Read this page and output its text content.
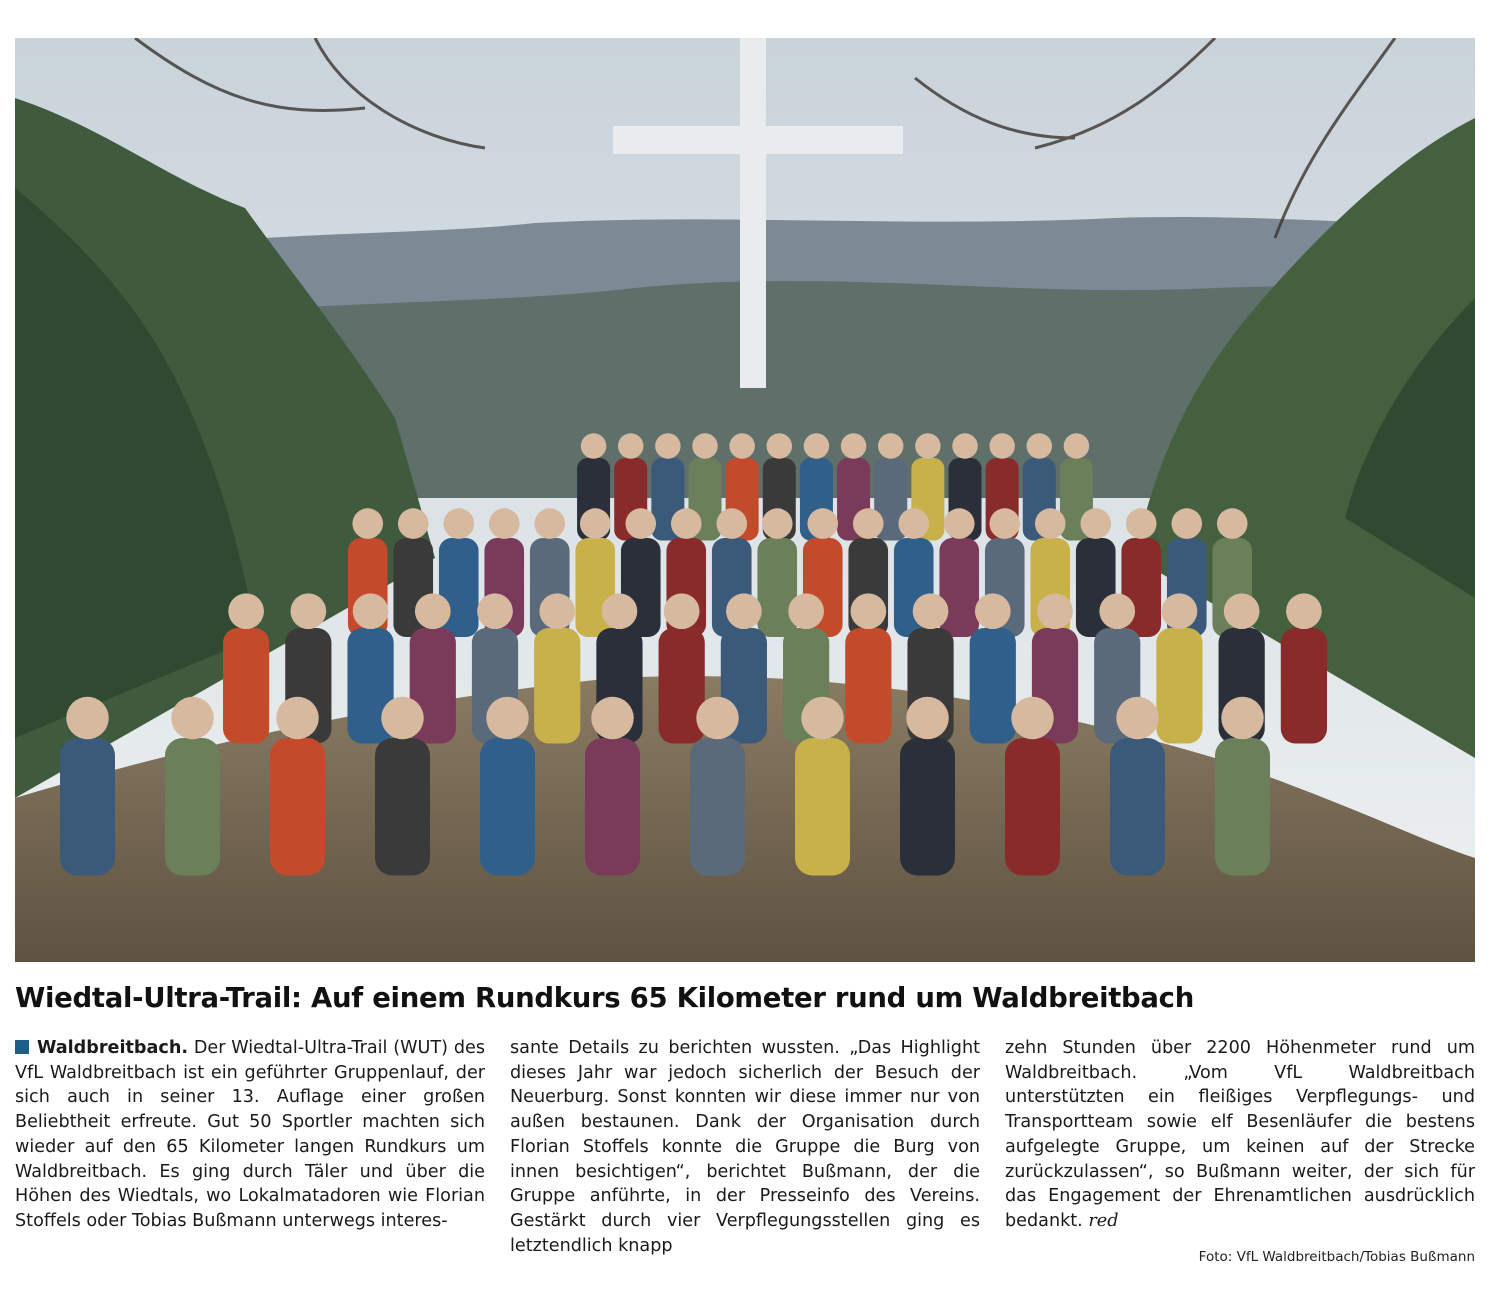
Wiedtal-Ultra-Trail: Auf einem Rundkurs 65 Kilometer rund um Waldbreitbach

Waldbreitbach. Der Wiedtal-Ultra-Trail (WUT) des VfL Waldbreitbach ist ein geführter Gruppenlauf, der sich auch in seiner 13. Auflage einer großen Beliebtheit erfreute. Gut 50 Sportler machten sich wieder auf den 65 Kilometer langen Rundkurs um Waldbreitbach. Es ging durch Täler und über die Höhen des Wiedtals, wo Lokalmatadoren wie Florian Stoffels oder Tobias Bußmann unterwegs interes-

sante Details zu berichten wussten. „Das Highlight dieses Jahr war jedoch sicherlich der Besuch der Neuerburg. Sonst konnten wir diese immer nur von außen bestaunen. Dank der Organisation durch Florian Stoffels konnte die Gruppe die Burg von innen besichtigen“, berichtet Bußmann, der die Gruppe anführte, in der Presseinfo des Vereins. Gestärkt durch vier Verpflegungsstellen ging es letztendlich knapp

zehn Stunden über 2200 Höhenmeter rund um Waldbreitbach. „Vom VfL Waldbreitbach unterstützten ein fleißiges Verpflegungs- und Transportteam sowie elf Besenläufer die bestens aufgelegte Gruppe, um keinen auf der Strecke zurückzulassen“, so Bußmann weiter, der sich für das Engagement der Ehrenamtlichen ausdrücklich bedankt. red

Foto: VfL Waldbreitbach/Tobias Bußmann
